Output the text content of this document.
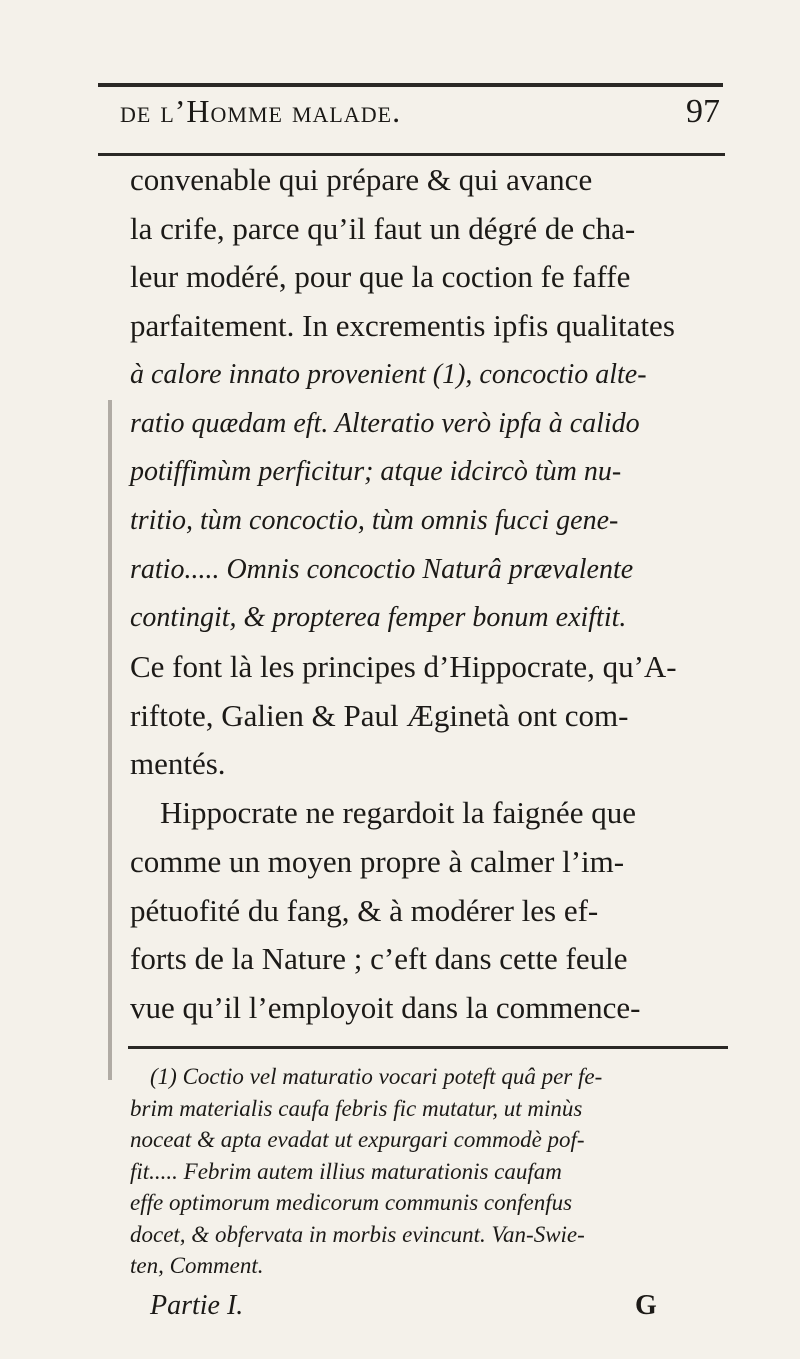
de l’Homme malade.	97
convenable qui prépare & qui avance
la crife, parce qu’il faut un dégré de cha-
leur modéré, pour que la coction fe faffe
parfaitement. In excrementis ipfis qualitates
à calore innato provenient (1), concoctio alte-
ratio quædam eft. Alteratio verò ipfa à calido
potiffimùm perficitur; atque idcircò tùm nu-
tritio, tùm concoctio, tùm omnis fucci gene-
ratio..... Omnis concoctio Naturâ prævalente
contingit, & propterea femper bonum exiftit.
Ce font là les principes d’Hippocrate, qu’A-
riftote, Galien & Paul Æginetà ont com-
mentés.
Hippocrate ne regardoit la faignée que
comme un moyen propre à calmer l’im-
pétuofité du fang, & à modérer les ef-
forts de la Nature ; c’eft dans cette feule
vue qu’il l’employoit dans la commence-
(1) Coctio vel maturatio vocari poteft quâ per fe-
brim materialis caufa febris fic mutatur, ut minùs
noceat & apta evadat ut expurgari commodè pof-
fit..... Febrim autem illius maturationis caufam
effe optimorum medicorum communis confenfus
docet, & obfervata in morbis evincunt. Van-Swie-
ten, Comment.
Partie I.	G
